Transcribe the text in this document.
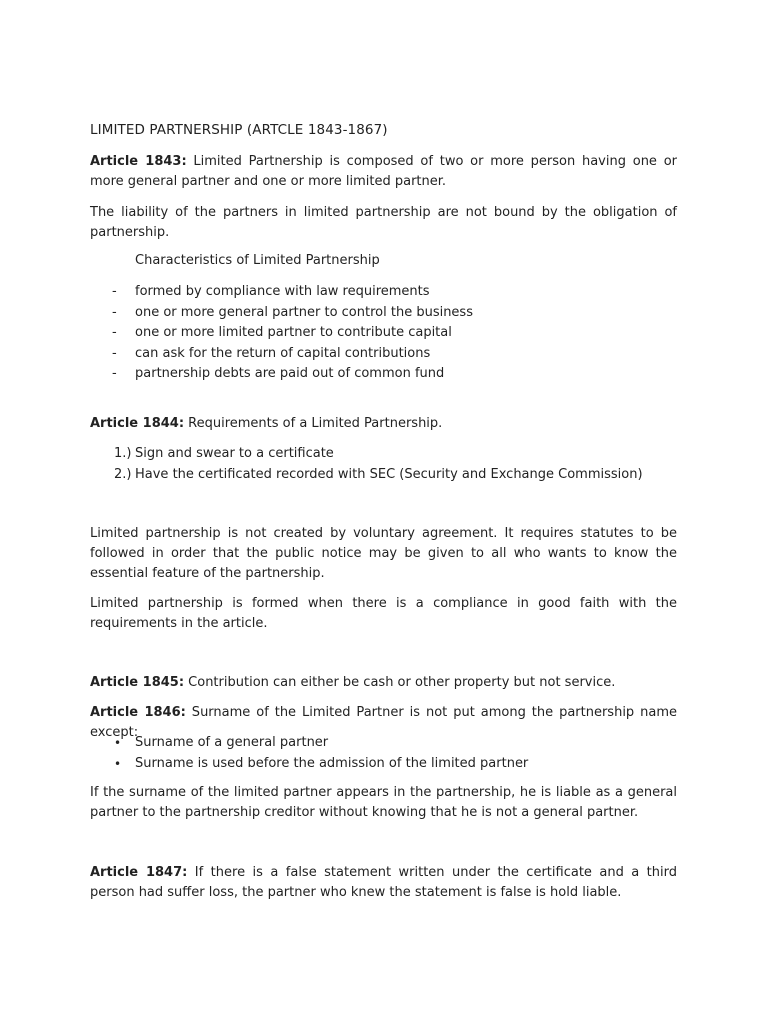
LIMITED PARTNERSHIP (ARTCLE 1843-1867)
Article 1843: Limited Partnership is composed of two or more person having one or more general partner and one or more limited partner.
The liability of the partners in limited partnership are not bound by the obligation of partnership.
Characteristics of Limited Partnership
- formed by compliance with law requirements
- one or more general partner to control the business
- one or more limited partner to contribute capital
- can ask for the return of capital contributions
- partnership debts are paid out of common fund
Article 1844: Requirements of a Limited Partnership.
1.) Sign and swear to a certificate
2.) Have the certificated recorded with SEC (Security and Exchange Commission)
Limited partnership is not created by voluntary agreement. It requires statutes to be followed in order that the public notice may be given to all who wants to know the essential feature of the partnership.
Limited partnership is formed when there is a compliance in good faith with the requirements in the article.
Article 1845: Contribution can either be cash or other property but not service.
Article 1846: Surname of the Limited Partner is not put among the partnership name except:
• Surname of a general partner
• Surname is used before the admission of the limited partner
If the surname of the limited partner appears in the partnership, he is liable as a general partner to the partnership creditor without knowing that he is not a general partner.
Article 1847: If there is a false statement written under the certificate and a third person had suffer loss, the partner who knew the statement is false is hold liable.
